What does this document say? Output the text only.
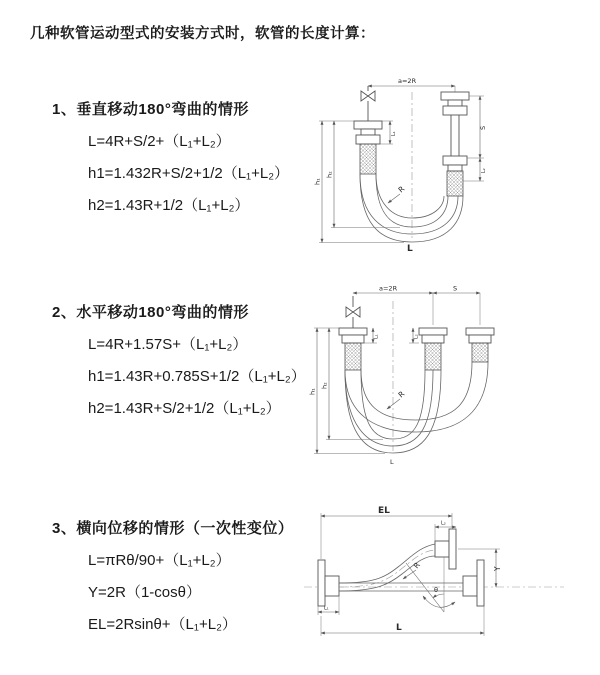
几种软管运动型式的安装方式时，软管的长度计算：
1、垂直移动180°弯曲的情形
L=4R+S/2+（L₁+L₂）
h1=1.432R+S/2+1/2（L₁+L₂）
h2=1.43R+1/2（L₁+L₂）
2、水平移动180°弯曲的情形
L=4R+1.57S+（L₁+L₂）
h1=1.43R+0.785S+1/2（L₁+L₂）
h2=1.43R+S/2+1/2（L₁+L₂）
3、横向位移的情形（一次性变位）
L=πRθ/90+（L₁+L₂）
Y=2R（1-cosθ）
EL=2Rsinθ+（L₁+L₂）
a=2R
h₁
h₂
L₁
S
L₂
R
L
a=2R	S
h₁
h₂
L₁	L₂
R
L
EL
L₂
Y
L₁
L
R
θ
